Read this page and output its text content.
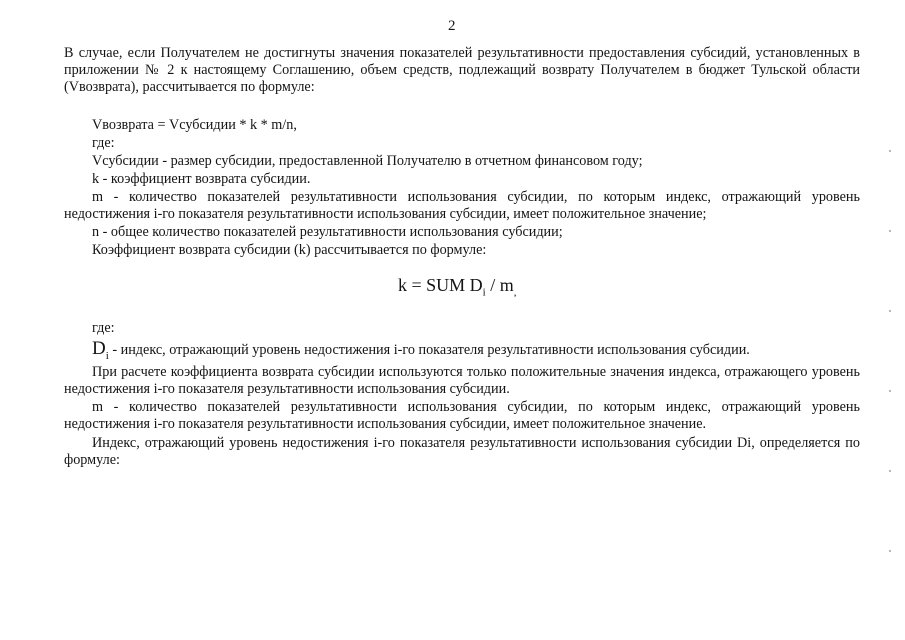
2
В случае, если Получателем не достигнуты значения показателей результативности предоставления субсидий, установленных в приложении № 2 к настоящему Соглашению, объем средств, подлежащий возврату Получателем в бюджет Тульской области (Vвозврата), рассчитывается по формуле:
Vвозврата = Vсубсидии * k * m/n,
где:
Vсубсидии - размер субсидии, предоставленной Получателю в отчетном финансовом году;
k - коэффициент возврата субсидии.
m - количество показателей результативности использования субсидии, по которым индекс, отражающий уровень недостижения i-го показателя результативности использования субсидии, имеет положительное значение;
n - общее количество показателей результативности использования субсидии;
Коэффициент возврата субсидии (k) рассчитывается по формуле:
k = SUM $D_i / m_,$
где:
$D_i$ - индекс, отражающий уровень недостижения i-го показателя результативности использования субсидии.
При расчете коэффициента возврата субсидии используются только положительные значения индекса, отражающего уровень недостижения i-го показателя результативности использования субсидии.
m - количество показателей результативности использования субсидии, по которым индекс, отражающий уровень недостижения i-го показателя результативности использования субсидии, имеет положительное значение.
Индекс, отражающий уровень недостижения i-го показателя результативности использования субсидии Di, определяется по формуле:
